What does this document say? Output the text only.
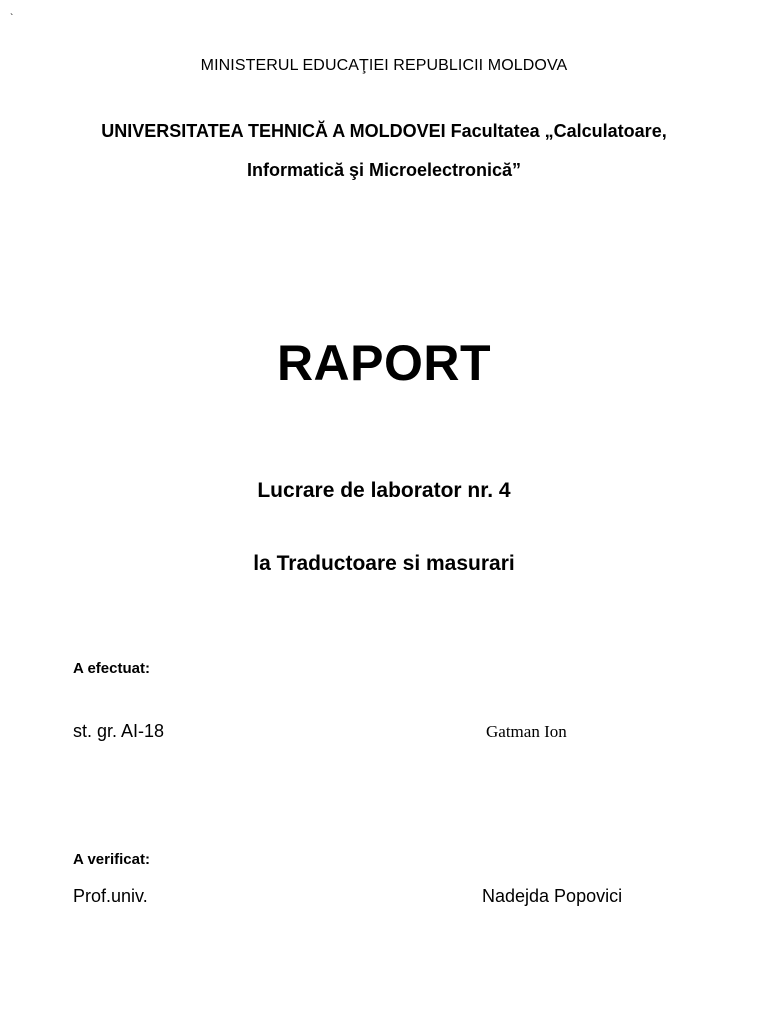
`
MINISTERUL EDUCAŢIEI REPUBLICII MOLDOVA
UNIVERSITATEA TEHNICĂ A MOLDOVEI Facultatea „Calculatoare,
Informatică şi Microelectronică”
RAPORT
Lucrare de laborator nr. 4
la Traductoare si masurari
A efectuat:
st. gr. AI-18	Gatman Ion
A verificat:
Prof.univ.	Nadejda Popovici
